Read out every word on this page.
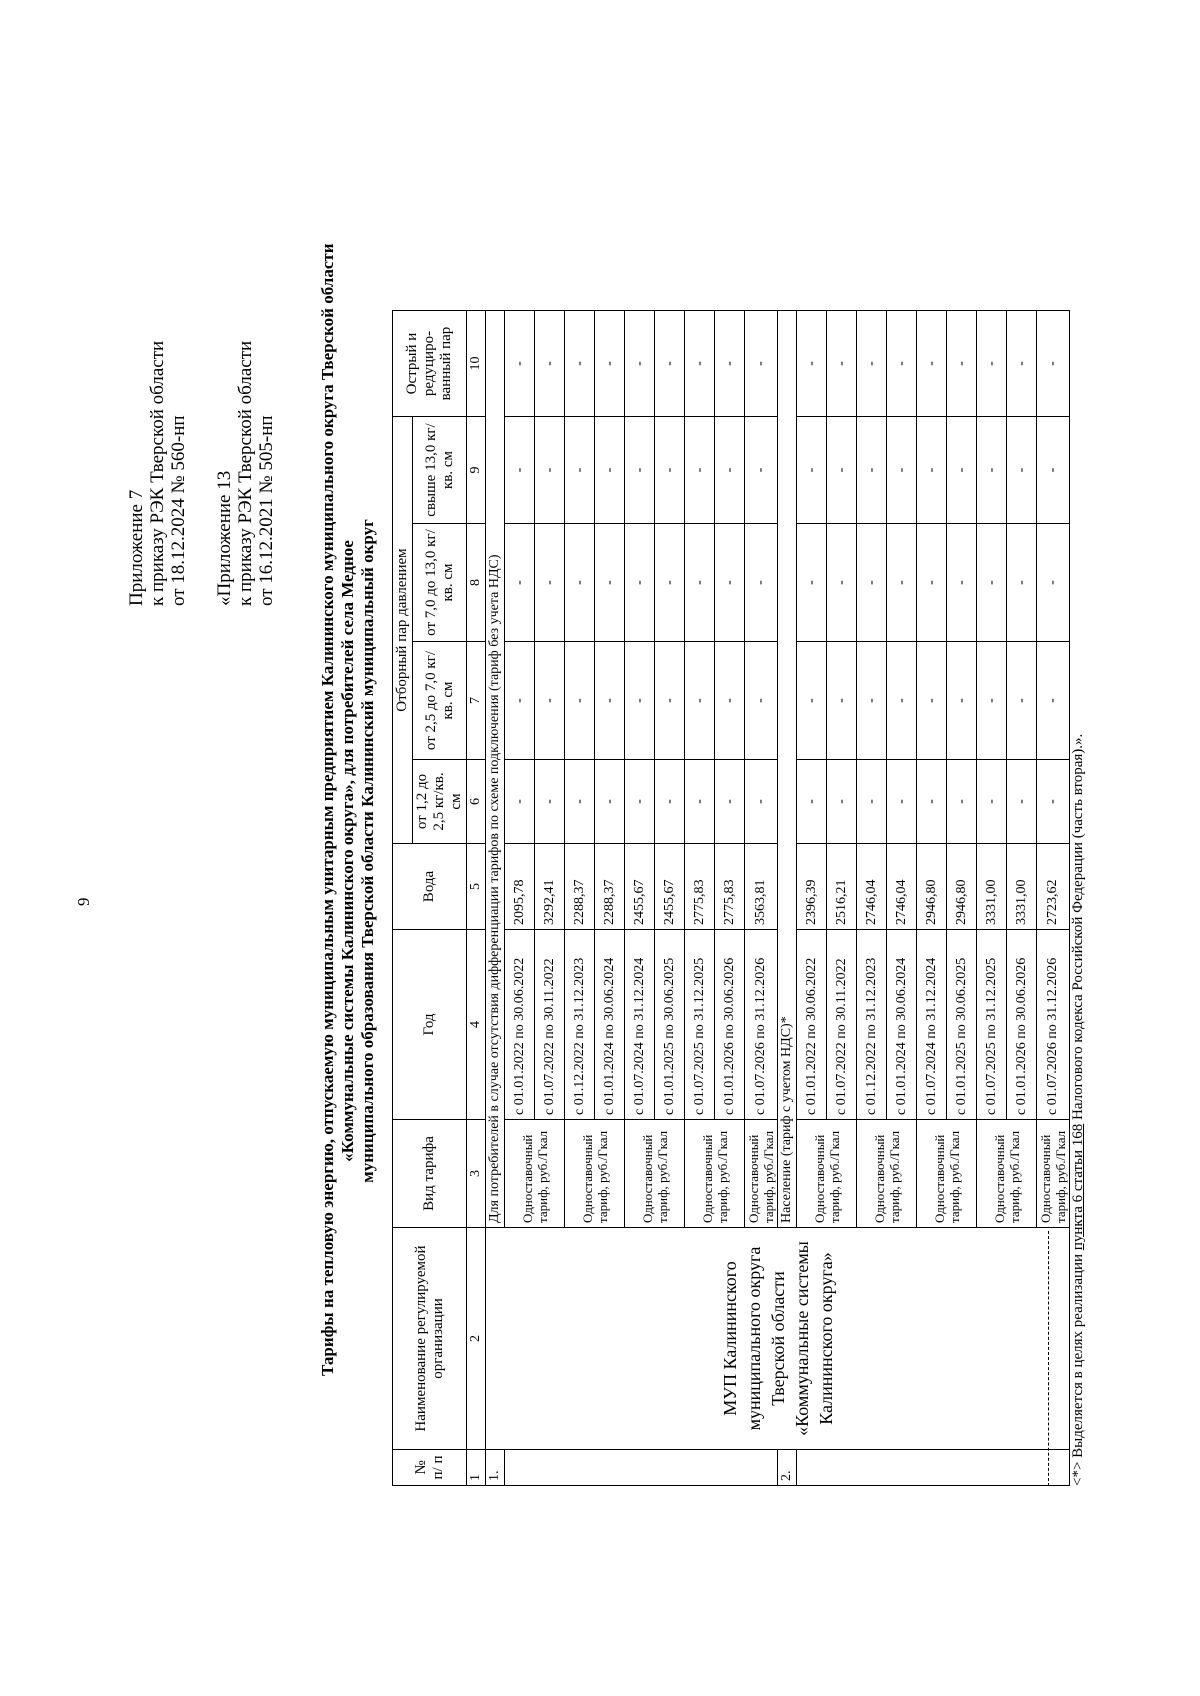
9
Приложение 7 к приказу РЭК Тверской области от 18.12.2024 № 560-нп «Приложение 13 к приказу РЭК Тверской области от 16.12.2021 № 505-нп Тарифы на тепловую энергию, отпускаемую муниципальным унитарным предприятием Калининского муниципального округа Тверской области «Коммунальные системы Калининского округа», для потребителей села Медное муниципального образования Тверской области Калининский муниципальный округ
№ п/ п	Наименование регулируемой организации	Вид тарифа	Год	Вода	Отборный пар давлением				Острый и редуциро-ванный пар
					от 1,2 до 2,5 кг/кв. см	от 2,5 до 7,0 кг/кв. см	от 7,0 до 13,0 кг/кв. см	свыше 13,0 кг/кв. см	
1	2	3	4	5	6	7	8	9	10
1.	МУП Калининского муниципального округа Тверской области «Коммунальные системы Калининского округа»	Для потребителей в случае отсутствия дифференциации тарифов по схеме подключения (тариф без учета НДС)							
		Одноставочный тариф, руб./Гкал	с 01.01.2022 по 30.06.2022	2095,78	-	-	-	-	-
			с 01.07.2022 по 30.11.2022	3292,41	-	-	-	-	-
		Одноставочный тариф, руб./Гкал	с 01.12.2022 по 31.12.2023	2288,37	-	-	-	-	-
			с 01.01.2024 по 30.06.2024	2288,37	-	-	-	-	-
		Одноставочный тариф, руб./Гкал	с 01.07.2024 по 31.12.2024	2455,67	-	-	-	-	-
			с 01.01.2025 по 30.06.2025	2455,67	-	-	-	-	-
		Одноставочный тариф, руб./Гкал	с 01.07.2025 по 31.12.2025	2775,83	-	-	-	-	-
			с 01.01.2026 по 30.06.2026	2775,83	-	-	-	-	-
		Одноставочный тариф, руб./Гкал	с 01.07.2026 по 31.12.2026	3563,81	-	-	-	-	-
2.		Население (тариф с учетом НДС)*							
		Одноставочный тариф, руб./Гкал	с 01.01.2022 по 30.06.2022	2396,39	-	-	-	-	-
			с 01.07.2022 по 30.11.2022	2516,21	-	-	-	-	-
		Одноставочный тариф, руб./Гкал	с 01.12.2022 по 31.12.2023	2746,04	-	-	-	-	-
			с 01.01.2024 по 30.06.2024	2746,04	-	-	-	-	-
		Одноставочный тариф, руб./Гкал	с 01.07.2024 по 31.12.2024	2946,80	-	-	-	-	-
			с 01.01.2025 по 30.06.2025	2946,80	-	-	-	-	-
		Одноставочный тариф, руб./Гкал	с 01.07.2025 по 31.12.2025	3331,00	-	-	-	-	-
			с 01.01.2026 по 30.06.2026	3331,00	-	-	-	-	-
		Одноставочный тариф, руб./Гкал	с 01.07.2026 по 31.12.2026	2723,62	-	-	-	-	-
<*> Выделяется в целях реализации пункта 6 статьи 168 Налогового кодекса Российской Федерации (часть вторая).».
